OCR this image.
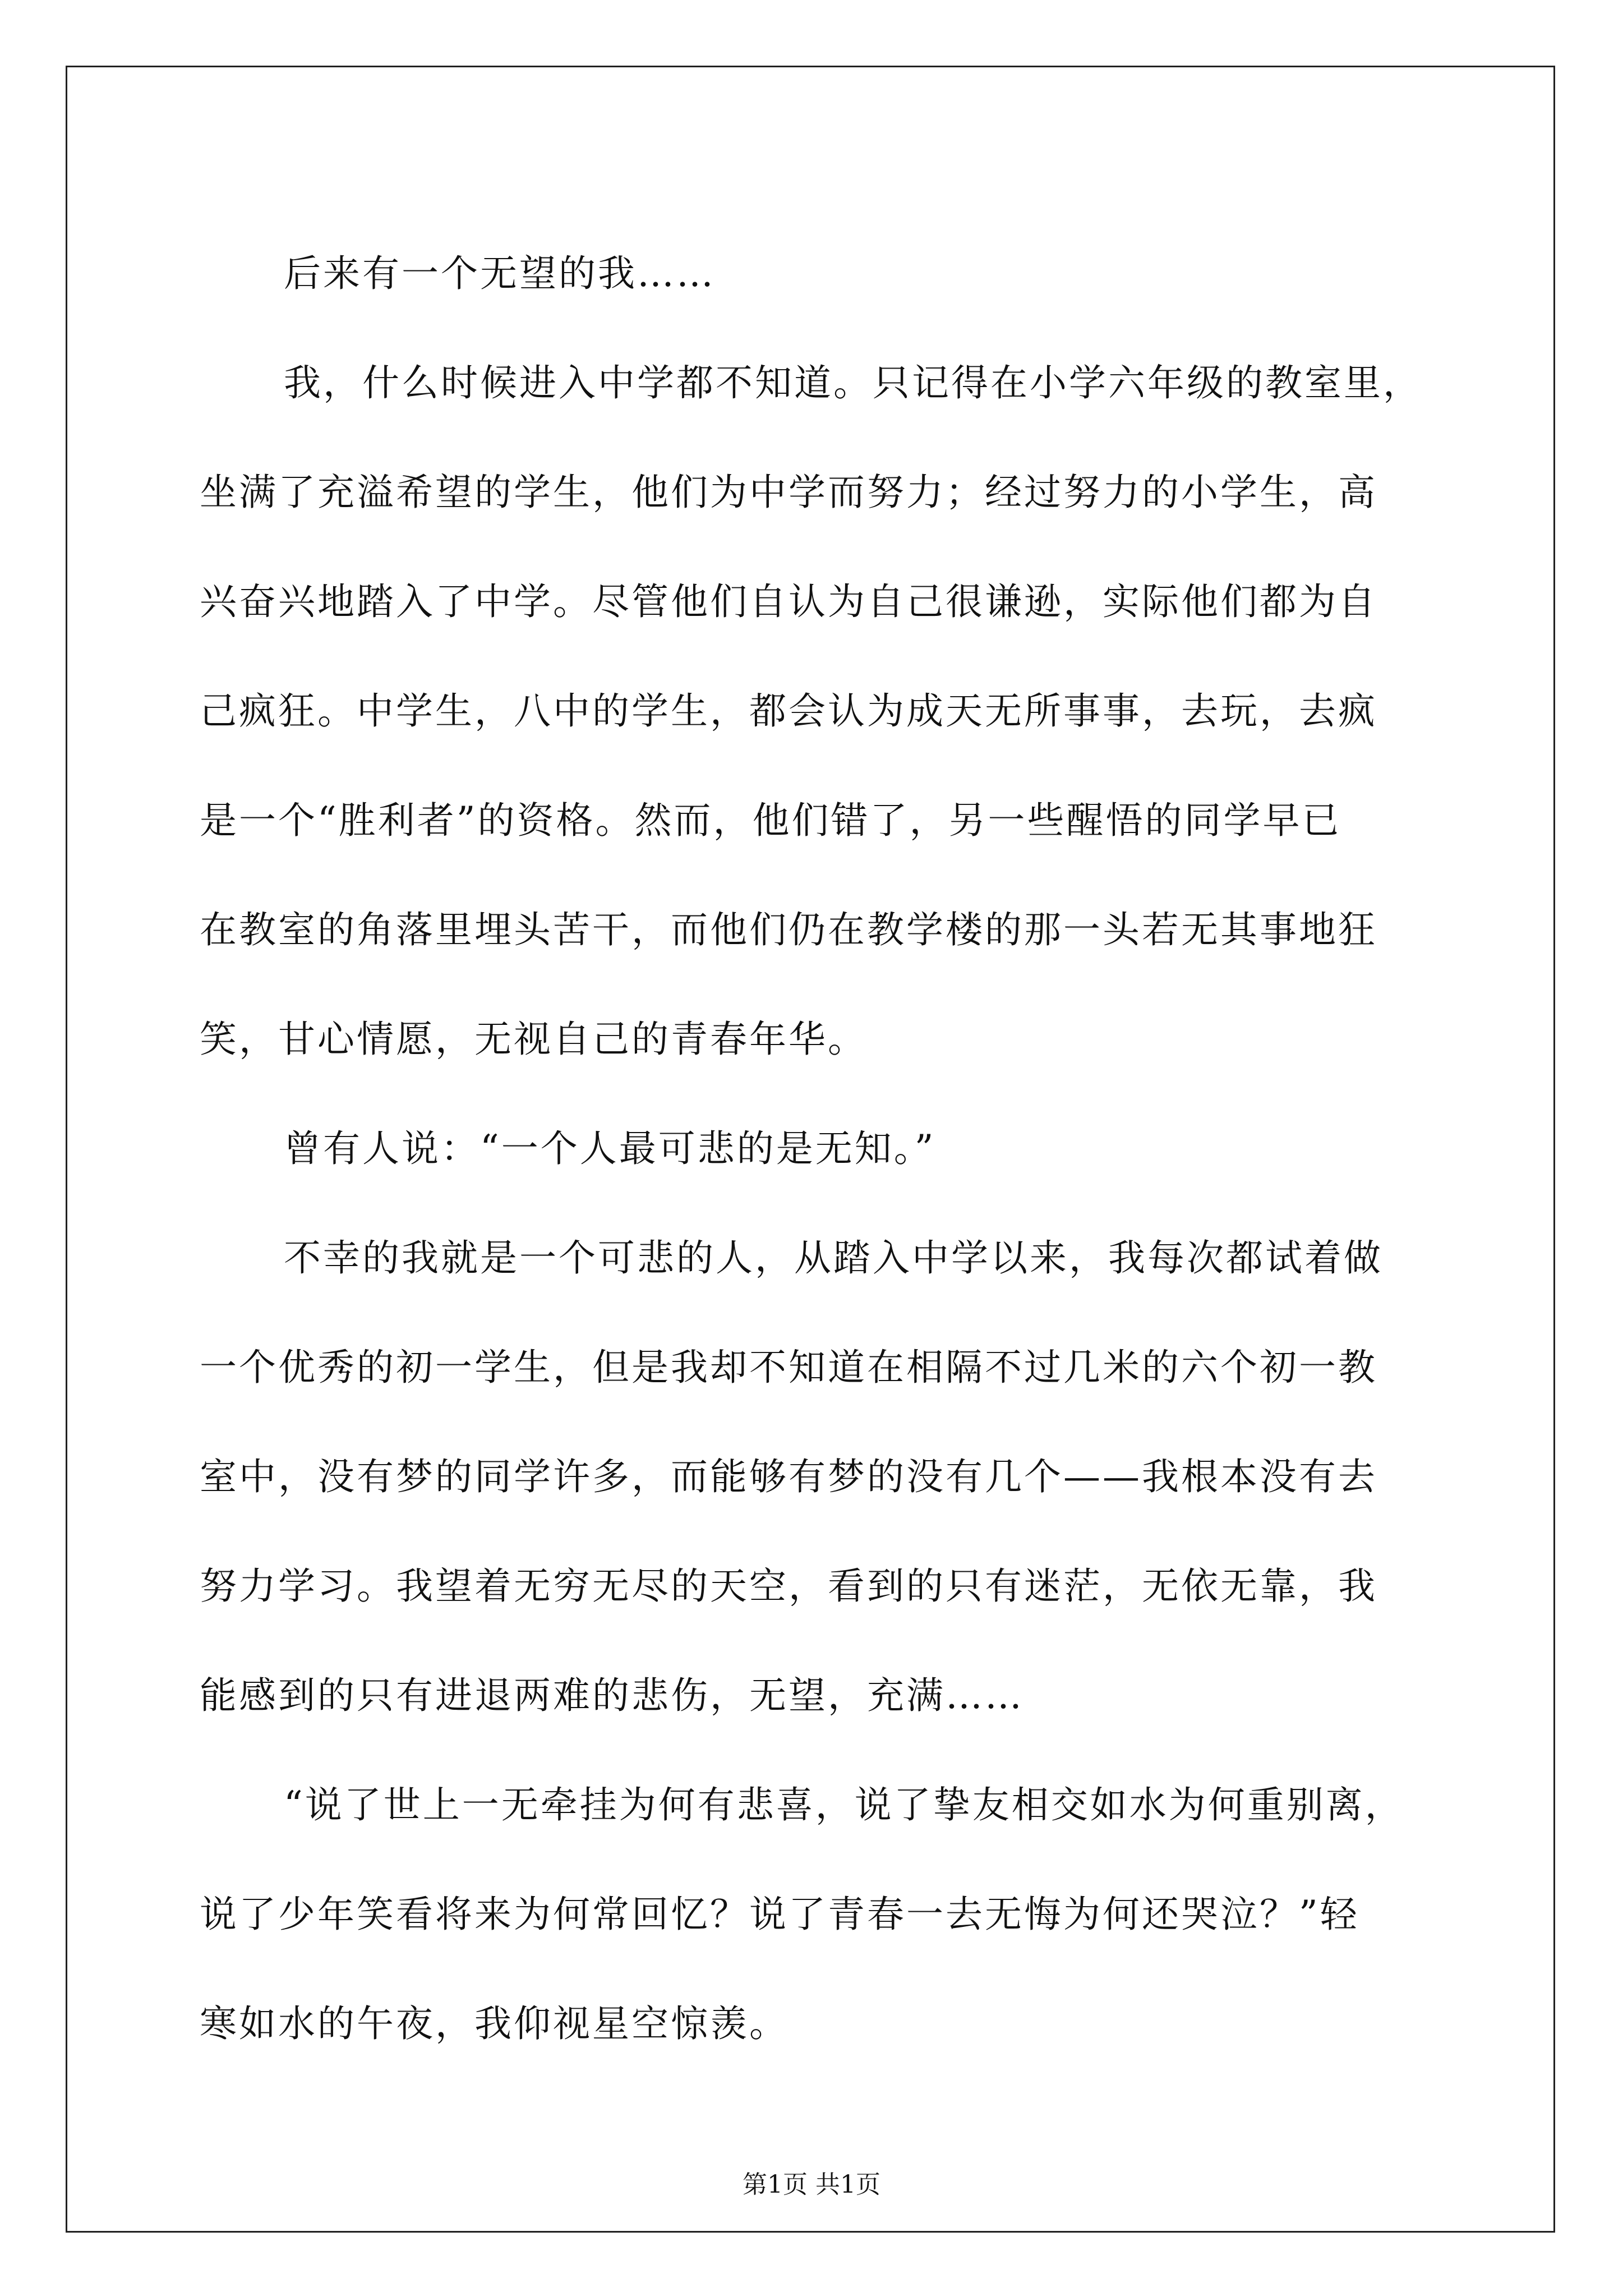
后来有一个无望的我……
我，什么时候进入中学都不知道。只记得在小学六年级的教室里，
坐满了充溢希望的学生，他们为中学而努力；经过努力的小学生，高
兴奋兴地踏入了中学。尽管他们自认为自己很谦逊，实际他们都为自
己疯狂。中学生，八中的学生，都会认为成天无所事事，去玩，去疯
是一个“胜利者”的资格。然而，他们错了，另一些醒悟的同学早已
在教室的角落里埋头苦干，而他们仍在教学楼的那一头若无其事地狂
笑，甘心情愿，无视自己的青春年华。
曾有人说：“一个人最可悲的是无知。”
不幸的我就是一个可悲的人，从踏入中学以来，我每次都试着做
一个优秀的初一学生，但是我却不知道在相隔不过几米的六个初一教
室中，没有梦的同学许多，而能够有梦的没有几个——我根本没有去
努力学习。我望着无穷无尽的天空，看到的只有迷茫，无依无靠，我
能感到的只有进退两难的悲伤，无望，充满……
“说了世上一无牵挂为何有悲喜，说了挚友相交如水为何重别离，
说了少年笑看将来为何常回忆？说了青春一去无悔为何还哭泣？”轻
寒如水的午夜，我仰视星空惊羡。
第1页 共1页
